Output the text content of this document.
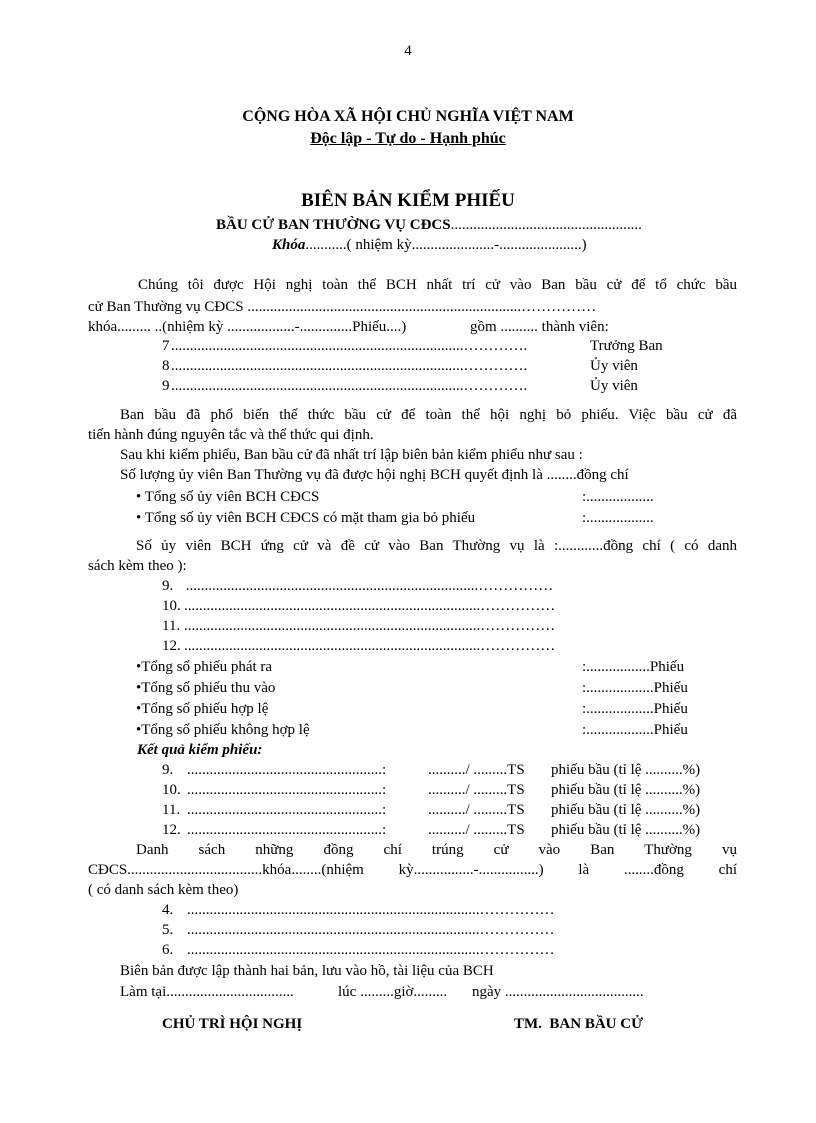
4
CỘNG HÒA XÃ HỘI CHỦ NGHĨA VIỆT NAM
Độc lập - Tự do - Hạnh phúc
BIÊN BẢN KIỂM PHIẾU
BẦU CỬ BAN THƯỜNG VỤ CĐCS...................................................
Khóa...........( nhiệm kỳ......................-......................)
Chúng tôi được Hội nghị toàn thể BCH nhất trí cử vào Ban bầu cử để tổ chức bầu
cử Ban Thường vụ CĐCS .........................................................................……………
khóa......... ..(nhiệm kỳ ..................-..............Phiếu....)	gồm .......... thành viên:
7 ..............................................................................………….	Trưởng Ban
8 ..............................................................................………….	Ủy viên
9 ..............................................................................………….	Ủy viên
Ban bầu đã phổ biến thể thức bầu cử để toàn thể hội nghị bỏ phiếu. Việc bầu cử đã
tiến hành đúng nguyên tắc và thể thức qui định.
Sau khi kiểm phiếu, Ban bầu cử đã nhất trí lập biên bản kiểm phiếu như sau :
Số lượng ủy viên Ban Thường vụ đã được hội nghị BCH quyết định là ........đồng chí
• Tổng số ủy viên BCH CĐCS	:..................
• Tổng số ủy viên BCH CĐCS có mặt tham gia bỏ phiếu	:..................
Số ủy viên BCH ứng cử và đề cử vào Ban Thường vụ là :............đồng chí ( có danh
sách kèm theo ):
9. ..............................................................................……………
10. ...............................................................................……………
11. ...............................................................................……………
12. ...............................................................................……………
•Tổng số phiếu phát ra	:.................Phiếu
•Tổng số phiếu thu vào	:..................Phiếu
•Tổng số phiếu hợp lệ	:..................Phiếu
•Tổng số phiếu không hợp lệ	:..................Phiếu
Kết quả kiểm phiếu:
9. ....................................................:	........../ .........TS phiếu bầu (tỉ lệ ..........%)
10. ....................................................:	........../ .........TS phiếu bầu (tỉ lệ ..........%)
11. ....................................................:	........../ .........TS phiếu bầu (tỉ lệ ..........%)
12. ....................................................:	........../ .........TS phiếu bầu (tỉ lệ ..........%)
Danh sách những đồng chí trúng cử vào Ban Thường vụ
CĐCS....................................khóa........(nhiệm kỳ................-................) là ........đồng chí
( có danh sách kèm theo)
4. ..............................................................................……………
5. ..............................................................................……………
6. ..............................................................................……………
Biên bản được lập thành hai bản, lưu vào hồ, tài liệu của BCH
Làm tại..................................	lúc .........giờ......... ngày .....................................
CHỦ TRÌ HỘI NGHỊ	TM.  BAN BẦU CỬ
